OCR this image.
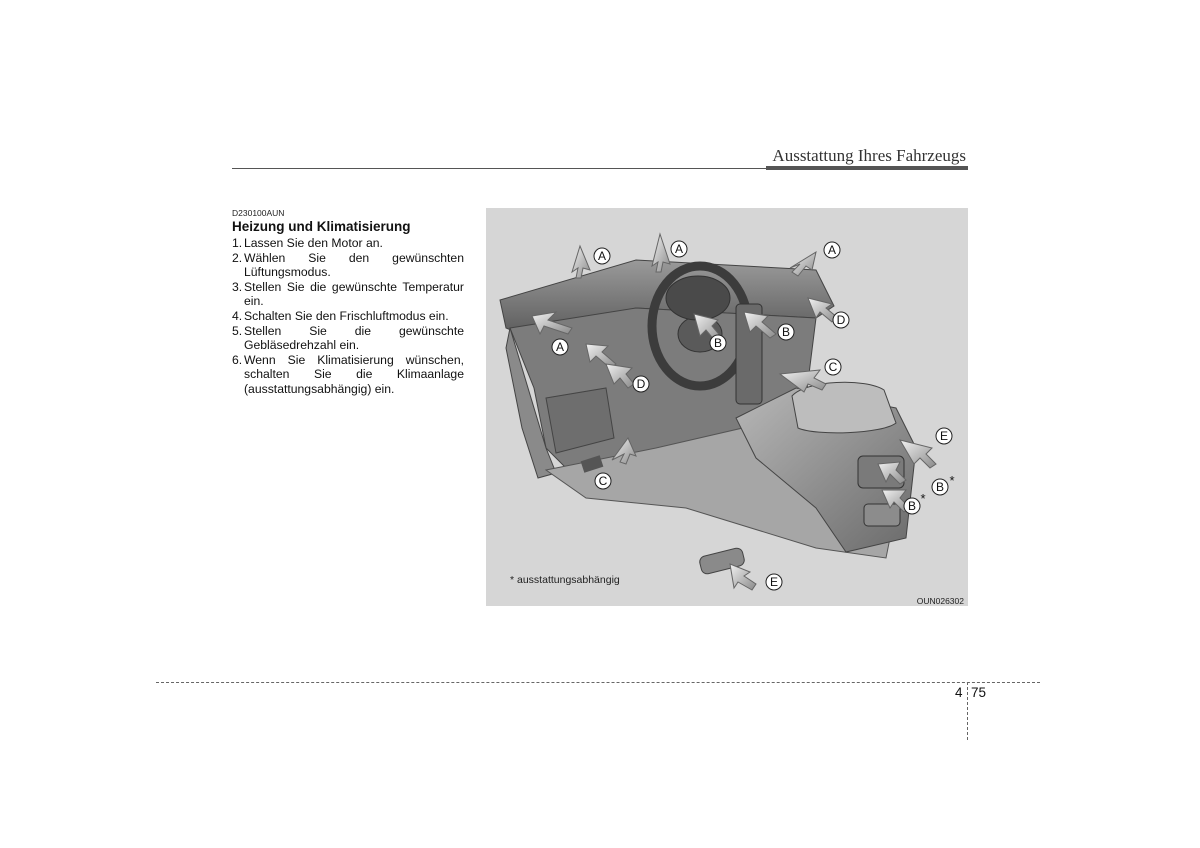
Ausstattung Ihres Fahrzeugs
D230100AUN
Heizung und Klimatisierung
1. Lassen Sie den Motor an.
2. Wählen Sie den gewünschten Lüftungsmodus.
3. Stellen Sie die gewünschte Temperatur ein.
4. Schalten Sie den Frischluftmodus ein.
5. Stellen Sie die gewünschte Gebläsedrehzahl ein.
6. Wenn Sie Klimatisierung wünschen, schalten Sie die Klimaanlage (ausstattungsabhängig) ein.
A	A	A
A	B
B
B
B
C
C
D
D
E
E
*
*
* ausstattungsabhängig
OUN026302
4 75
